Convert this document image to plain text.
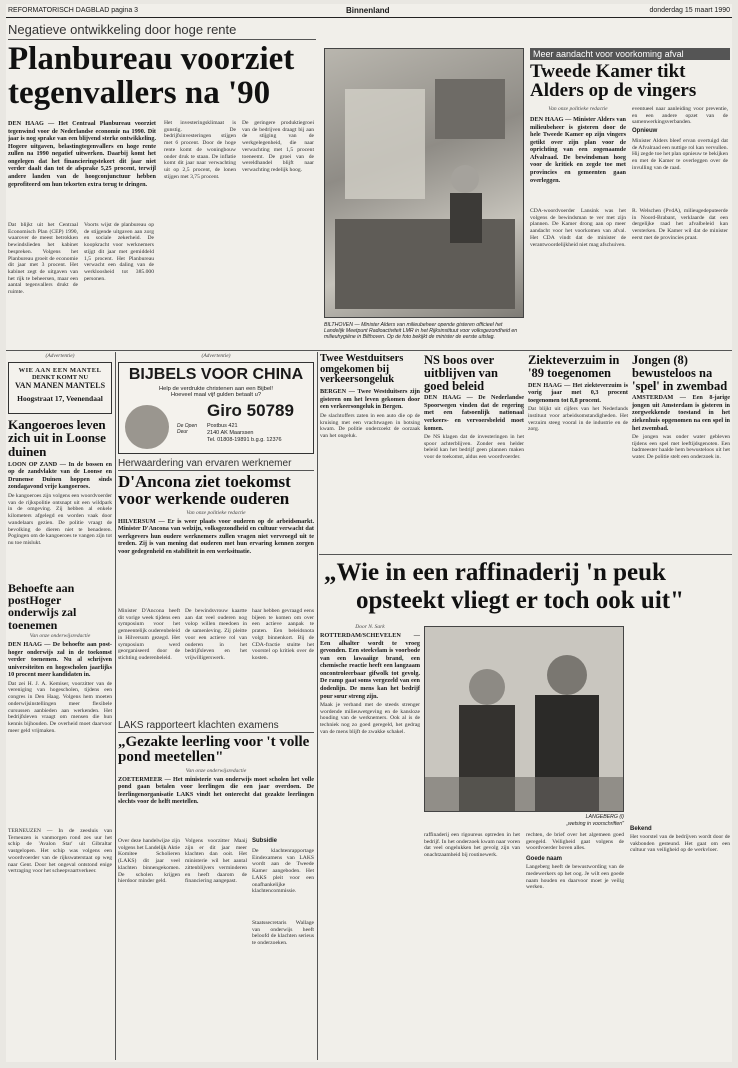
REFORMATORISCH DAGBLAD pagina 3	Binnenland	donderdag 15 maart 1990
Negatieve ontwikkeling door hoge rente
Planbureau voorziet
tegenvallers na '90
DEN HAAG — Het Centraal Planbureau voorziet tegenwind voor de Nederlandse economie na 1990. Dit jaar is nog sprake van een blijvend sterke ontwikkeling. Hogere uitgaven, belastingtegenvallers en hoge rente zullen na 1990 negatief uitwerken. Daarbij komt het ongelegen dat het financieringstekort dit jaar niet verder daalt dan tot de afsprake 5,25 procent, terwijl andere landen van de hoogconjunctuur hebben geprofiteerd om hun tekorten extra terug te dringen.
Dat blijkt uit het Centraal Economisch Plan (CEP) 1990, waarover de meest betrokken bewindslieden het kabinet bespreken. Volgens het Planbureau groeit de economie dit jaar met 3 procent. Het kabinet zegt de uitgaven van het rijk te beheersen, maar een aantal tegenvallers drukt de ruimte.
Voorts wijst de planbureau op de stijgende uitgaven aan zorg en sociale zekerheid. De koopkracht voor werknemers stijgt dit jaar met gemiddeld 1,5 procent. Het Planbureau verwacht een daling van de werkloosheid tot 385.000 personen.
Het investeringsklimaat is gunstig. De bedrijfsinvesteringen stijgen met 6 procent. Door de hoge rente komt de woningbouw onder druk te staan. De inflatie komt dit jaar naar verwachting uit op 2,5 procent, de lonen stijgen met 3,75 procent.
De geringere produktiegroei van de bedrijven draagt bij aan de stijging van de werkgelegenheid, die naar verwachting met 1,5 procent toeneemt. De groei van de wereldhandel blijft naar verwachting redelijk hoog.
BILTHOVEN — Minister Alders van milieubeheer opende gisteren officieel het Landelijk Meetpunt Radioactiviteit LMR in het Rijksinstituut voor volksgezondheid en milieuhygiëne in Bilthoven. Op de foto bekijkt de minister de eerste uitslag.
Meer aandacht voor voorkoming afval
Tweede Kamer tikt
Alders op de vingers
Van onze politieke redactie
DEN HAAG — Minister Alders van milieubeheer is gisteren door de hele Tweede Kamer op zijn vingers getikt over zijn plan voor de oprichting van een zogenaamde Afvalraad. De bewindsman hoeg voor de kritiek en zegde toe met provincies en gemeenten gaan overleggen.
CDA-woordvoerder Lansink was het volgens de bewindsman te ver met zijn plannen. De Kamer drong aan op meer aandacht voor het voorkomen van afval. Het CDA vindt dat de minister de verantwoordelijkheid niet mag afschuiven.
eventueel naar aanleiding voor preventie, en een andere opzet van de samenwerkingsverbanden.
Opnieuw
Minister Alders bleef ervan overtuigd dat de Afvalraad een nuttige rol kan vervullen. Hij zegde toe het plan opnieuw te bekijken en met de Kamer te overleggen over de invulling van de raad.
R. Welschen (PvdA), milieugedeputeerde in Noord-Brabant, verklaarde dat een dergelijke raad het afvalbeleid kan versterken. De Kamer wil dat de minister eerst met de provincies praat.
(Advertentie)
WIE AAN EEN MANTEL
DENKT KOMT NU
VAN MANEN MANTELS
Hoogstraat 17, Veenendaal
Kangoeroes leven zich uit in Loonse duinen
LOON OP ZAND — In de bossen en op de zandvlakte van de Loonse en Drunense Duinen hoppen sinds zondagavond vrije kangoeroes.
De kangoeroes zijn volgens een woordvoerder van de rijkspolitie ontsnapt uit een wildpark in de omgeving. Zij hebben al enkele kilometers afgelegd en worden vaak door wandelaars gezien. De politie vraagt de bevolking de dieren niet te benaderen. Pogingen om de kangoeroes te vangen zijn tot nu toe mislukt.
Behoefte aan postHoger onderwijs zal toenemen
Van onze onderwijsredactie
DEN HAAG — De behoefte aan post-hoger onderwijs zal in de toekomst verder toenemen. Nu al schrijven universiteiten en hogescholen jaarlijks 10 procent meer kandidaten in.
Dat zei H. J. A. Kemiser, voorzitter van de vereniging van hogescholen, tijdens een congres in Den Haag. Volgens hem moeten onderwijsinstellingen meer flexibele cursussen aanbieden aan werkenden. Het bedrijfsleven vraagt om mensen die hun kennis bijhouden. De overheid moet daarvoor meer geld vrijmaken.
TERNEUZEN — In de zeesluis van Terneuzen is vanmorgen rond zes uur het schip de 'Avalon Star' uit Gibraltar vastgelopen. Het schip was volgens een woordvoerder van de rijkswaterstaat op weg naar Gent. Door het ongeval ontstond enige vertraging voor het scheepvaartverkeer.
(Advertentie)
BIJBELS VOOR CHINA
Help de verdrukte christenen aan een Bijbel!
Hoeveel maal vijf gulden betaalt u?
Giro 50789
De Open Deur
Postbus 421
2140 AK Maarssen
Tel. 01808-19891 b.g.g. 12376
Herwaardering van ervaren werknemer
D'Ancona ziet toekomst
voor werkende ouderen
Van onze politieke redactie
HILVERSUM — Er is weer plaats voor ouderen op de arbeidsmarkt. Minister D'Ancona van welzijn, volksgezondheid en cultuur verwacht dat werkgevers hun oudere werknemers zullen vragen niet vervroegd uit te treden. Zij is van mening dat ouderen met hun ervaring kennen zorgen voor gedegenheid en stabiliteit in een werksituatie.
Minister D'Ancona heeft dit vorige week tijdens een symposium voor het gemeentelijk ouderenbeleid in Hilversum gezegd. Het symposium werd georganiseerd door de stichting ouderenbeleid.
De bewindsvrouw kaartte aan dat veel ouderen nog volop willen meedoen in de samenleving. Zij pleitte voor een actieve rol van ouderen in het bedrijfsleven en het vrijwilligerswerk.
haar hebben gevraagd eens bijeen te komen om over een actieve aanpak te praten. Een beleidsnota volgt binnenkort. Bij de CDA-fractie stuitte het voorstel op kritiek over de kosten.
LAKS rapporteert klachten examens
„Gezakte leerling voor 't volle pond meetellen"
Van onze onderwijsredactie
ZOETERMEER — Het ministerie van onderwijs moet scholen het volle pond gaan betalen voor leerlingen die een jaar overdoen. De leerlingenorganisatie LAKS vindt het onterecht dat gezakte leerlingen slechts voor de helft meetellen.
Over deze handelwijze zijn volgens het Landelijk Aktie Komitee Scholieren (LAKS) dit jaar veel klachten binnengekomen. De scholen krijgen hierdoor minder geld.
Volgens voorzitter Maaij zijn er dit jaar meer klachten dan ooit. Het ministerie wil het aantal zittenblijvers verminderen en heeft daarom de financiering aangepast.
Subsidie
De klachtenrapportage Eindexamens van LAKS wordt aan de Tweede Kamer aangeboden. Het LAKS pleit voor een onafhankelijke klachtencommissie.
Staatssecretaris Wallage van onderwijs heeft beloofd de klachten serieus te onderzoeken.
Twee Westduitsers omgekomen bij verkeersongeluk
BERGEN — Twee Westduitsers zijn gisteren om het leven gekomen door een verkeersongeluk in Bergen.
De slachtoffers zaten in een auto die op de kruising met een vrachtwagen in botsing kwam. De politie onderzoekt de oorzaak van het ongeluk.
NS boos over uitblijven van goed beleid
DEN HAAG — De Nederlandse Spoorwegen vinden dat de regering met een fatsoenlijk nationaal verkeers- en vervoersbeleid moet komen.
De NS klagen dat de investeringen in het spoor achterblijven. Zonder een helder beleid kan het bedrijf geen plannen maken voor de toekomst, aldus een woordvoerder.
Ziekteverzuim in '89 toegenomen
DEN HAAG — Het ziekteverzuim is vorig jaar met 0,3 procent toegenomen tot 8,8 procent.
Dat blijkt uit cijfers van het Nederlands instituut voor arbeidsomstandigheden. Het verzuim steeg vooral in de industrie en de zorg.
Jongen (8) bewusteloos na 'spel' in zwembad
AMSTERDAM — Een 8-jarige jongen uit Amsterdam is gisteren in zorgwekkende toestand in het ziekenhuis opgenomen na een spel in het zwembad.
De jongen was onder water gebleven tijdens een spel met leeftijdsgenoten. Een badmeester haalde hem bewusteloos uit het water. De politie stelt een onderzoek in.
„Wie in een raffinaderij 'n peuk
opsteekt vliegt er toch ook uit"
Door N. Sark
ROTTERDAM/SCHEVELEN — Een alhalter wordt te vroeg gevonden. Een steekvlam is voorbode van een lawaaiige brand, een chemische reactie heeft een langzaam oncontroleerbaar gifwolk tot gevolg. De ramp gaat soms vergezeld van een dodenlijn. De mens kan het bedrijf pour sœur streng zijn.
Maak je verband met de steeds strenger wordende milieuwetgeving en de kansloze houding van de werknemers. Ook al is de techniek nog zo goed geregeld, het gedrag van de mens blijft de zwakke schakel.
LANGEBERG (l)
„wetsing in voorschriften"
raffinaderij een rigoureus optreden in het bedrijf. In het onderzoek kwam naar voren dat veel ongelukken het gevolg zijn van onachtzaamheid bij routinewerk.
rechten, de brief over het algemeen goed geregeld. Veiligheid gaat volgens de woordvoerder boven alles.
Goede naam
Langeberg heeft de bewustwording van de medewerkers op het oog. Je wilt een goede naam houden en daarvoor moet je veilig werken.
Bekend
Het voorstel van de bedrijven wordt door de vakbonden gesteund. Het gaat om een cultuur van veiligheid op de werkvloer.
